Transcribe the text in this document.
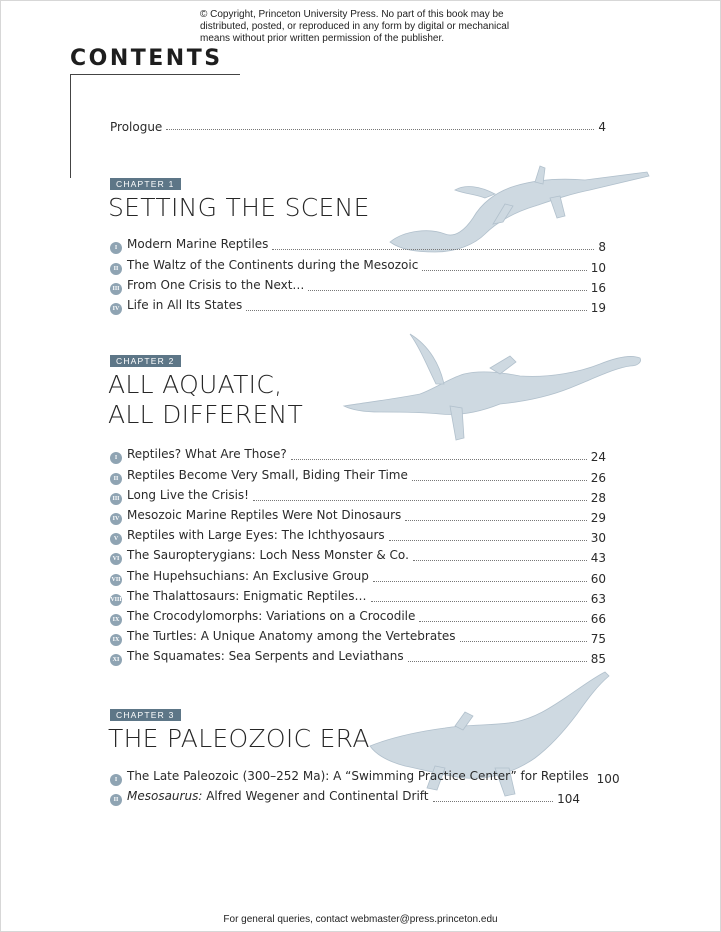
© Copyright, Princeton University Press. No part of this book may be distributed, posted, or reproduced in any form by digital or mechanical means without prior written permission of the publisher.
CONTENTS
Prologue	4
CHAPTER 1
SETTING THE SCENE
I Modern Marine Reptiles	8
II The Waltz of the Continents during the Mesozoic	10
III From One Crisis to the Next…	16
IV Life in All Its States	19
CHAPTER 2
ALL AQUATIC,
ALL DIFFERENT
I Reptiles? What Are Those?	24
II Reptiles Become Very Small, Biding Their Time	26
III Long Live the Crisis!	28
IV Mesozoic Marine Reptiles Were Not Dinosaurs	29
V Reptiles with Large Eyes: The Ichthyosaurs	30
VI The Sauropterygians: Loch Ness Monster & Co.	43
VII The Hupehsuchians: An Exclusive Group	60
VIII The Thalattosaurs: Enigmatic Reptiles…	63
IX The Crocodylomorphs: Variations on a Crocodile	66
IX The Turtles: A Unique Anatomy among the Vertebrates	75
XI The Squamates: Sea Serpents and Leviathans	85
CHAPTER 3
THE PALEOZOIC ERA
I The Late Paleozoic (300–252 Ma): A “Swimming Practice Center” for Reptiles 100
II Mesosaurus: Alfred Wegener and Continental Drift	104
For general queries, contact webmaster@press.princeton.edu
